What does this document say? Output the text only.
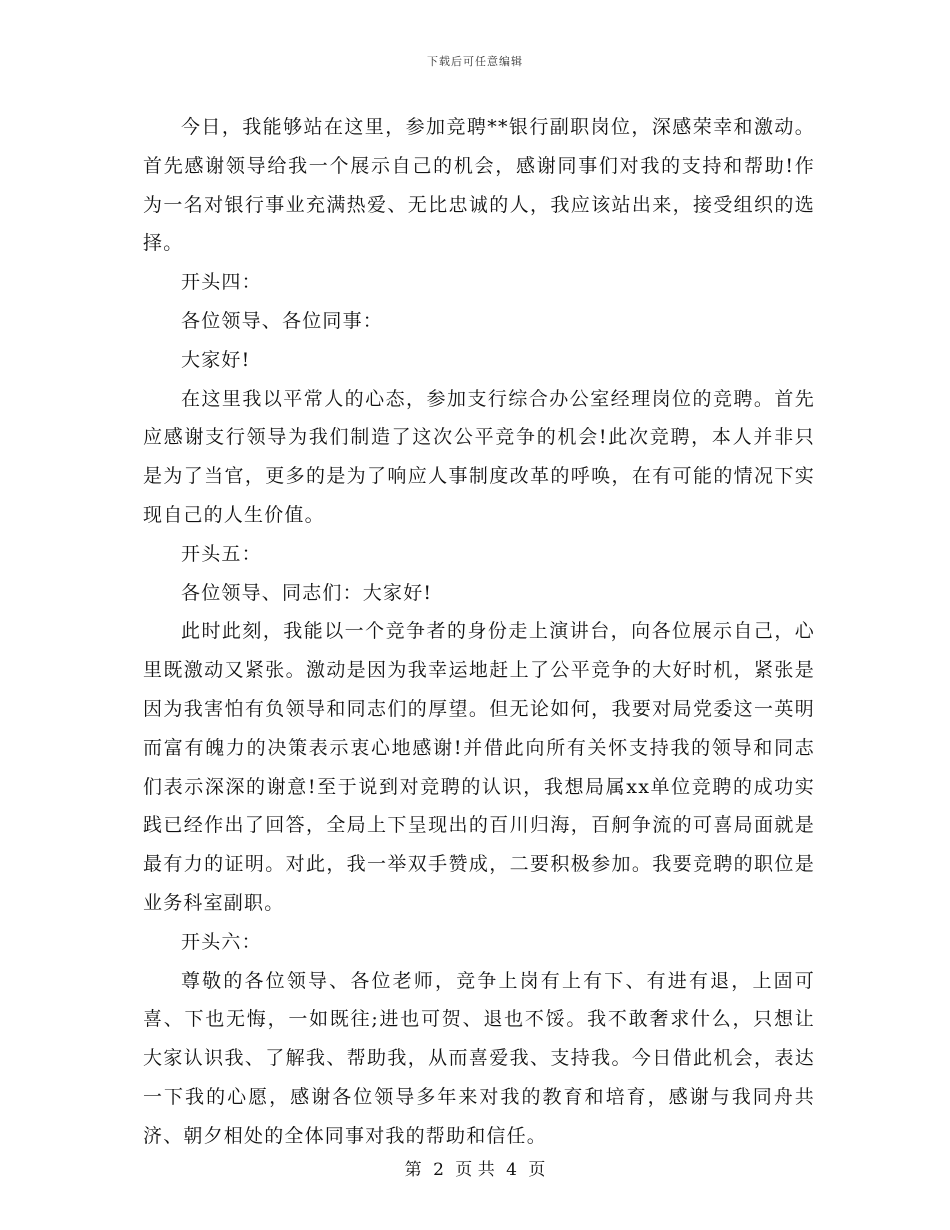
下载后可任意编辑

今日，我能够站在这里，参加竞聘**银行副职岗位，深感荣幸和激动。首先感谢领导给我一个展示自己的机会，感谢同事们对我的支持和帮助!作为一名对银行事业充满热爱、无比忠诚的人，我应该站出来，接受组织的选择。

开头四：

各位领导、各位同事：

大家好!

在这里我以平常人的心态，参加支行综合办公室经理岗位的竞聘。首先应感谢支行领导为我们制造了这次公平竞争的机会!此次竞聘，本人并非只是为了当官，更多的是为了响应人事制度改革的呼唤，在有可能的情况下实现自己的人生价值。

开头五：

各位领导、同志们：大家好!

此时此刻，我能以一个竞争者的身份走上演讲台，向各位展示自己，心里既激动又紧张。激动是因为我幸运地赶上了公平竞争的大好时机，紧张是因为我害怕有负领导和同志们的厚望。但无论如何，我要对局党委这一英明而富有魄力的决策表示衷心地感谢!并借此向所有关怀支持我的领导和同志们表示深深的谢意!至于说到对竞聘的认识，我想局属xx单位竞聘的成功实践已经作出了回答，全局上下呈现出的百川归海，百舸争流的可喜局面就是最有力的证明。对此，我一举双手赞成，二要积极参加。我要竞聘的职位是业务科室副职。

开头六：

尊敬的各位领导、各位老师，竞争上岗有上有下、有进有退，上固可喜、下也无悔，一如既往;进也可贺、退也不馁。我不敢奢求什么，只想让大家认识我、了解我、帮助我，从而喜爱我、支持我。今日借此机会，表达一下我的心愿，感谢各位领导多年来对我的教育和培育，感谢与我同舟共济、朝夕相处的全体同事对我的帮助和信任。

第 2 页 共 4 页
